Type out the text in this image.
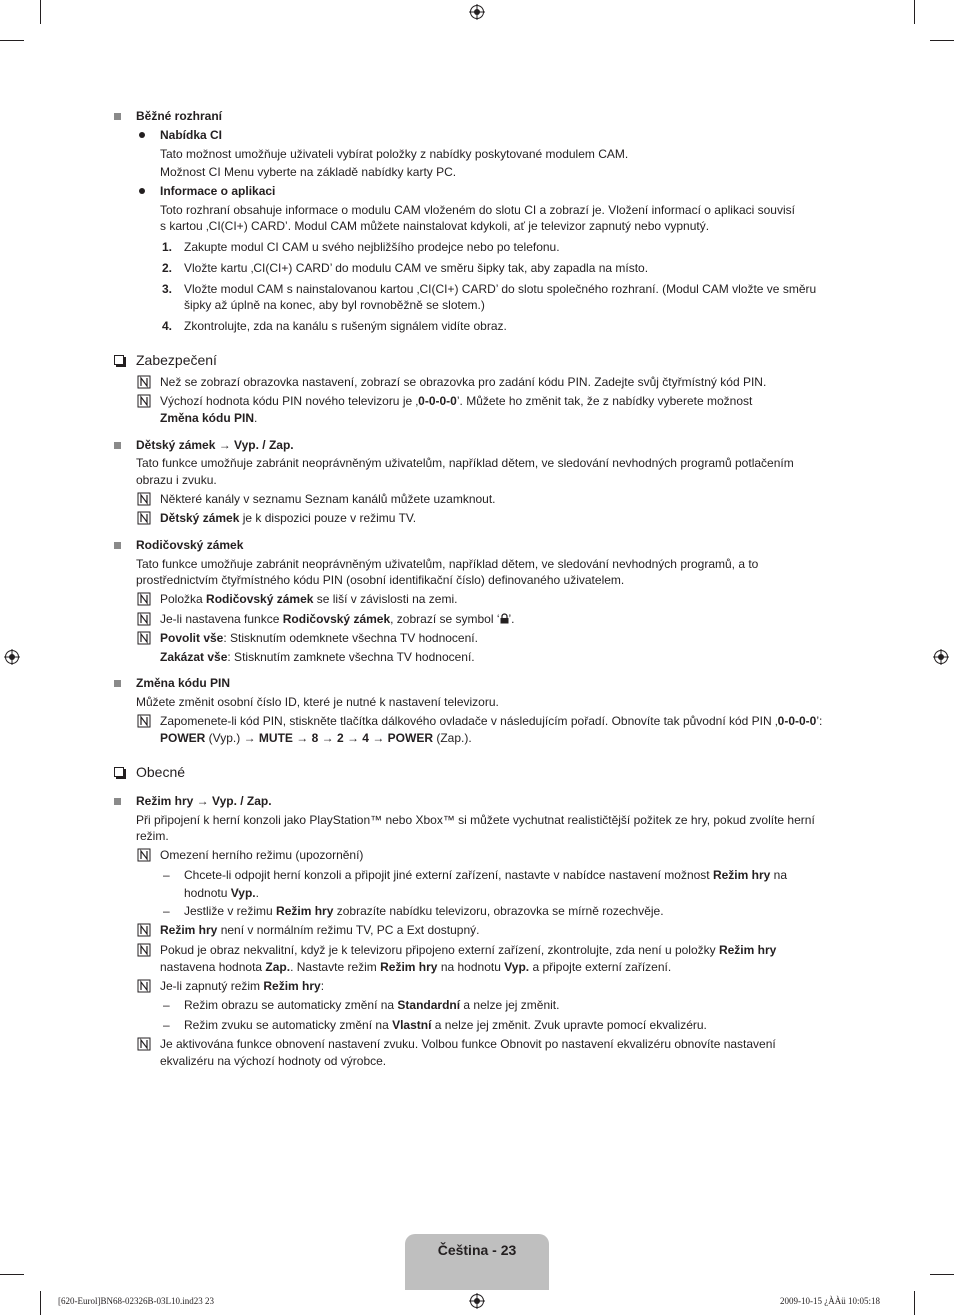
Běžné rozhraní
Nabídka CI
Tato možnost umožňuje uživateli vybírat položky z nabídky poskytované modulem CAM.
Možnost CI Menu vyberte na základě nabídky karty PC.
Informace o aplikaci
Toto rozhraní obsahuje informace o modulu CAM vloženém do slotu CI a zobrazí je. Vložení informací o aplikaci souvisí
s kartou ‚CI(CI+) CARD’. Modul CAM můžete nainstalovat kdykoli, ať je televizor zapnutý nebo vypnutý.
1. Zakupte modul CI CAM u svého nejbližšího prodejce nebo po telefonu.
2. Vložte kartu ‚CI(CI+) CARD’ do modulu CAM ve směru šipky tak, aby zapadla na místo.
3. Vložte modul CAM s nainstalovanou kartou ‚CI(CI+) CARD’ do slotu společného rozhraní. (Modul CAM vložte ve směru
šipky až úplně na konec, aby byl rovnoběžně se slotem.)
4. Zkontrolujte, zda na kanálu s rušeným signálem vidíte obraz.
Zabezpečení
Než se zobrazí obrazovka nastavení, zobrazí se obrazovka pro zadání kódu PIN. Zadejte svůj čtyřmístný kód PIN.
Výchozí hodnota kódu PIN nového televizoru je ‚0-0-0-0’. Můžete ho změnit tak, že z nabídky vyberete možnost
Změna kódu PIN.
Dětský zámek → Vyp. / Zap.
Tato funkce umožňuje zabránit neoprávněným uživatelům, například dětem, ve sledování nevhodných programů potlačením
obrazu i zvuku.
Některé kanály v seznamu Seznam kanálů můžete uzamknout.
Dětský zámek je k dispozici pouze v režimu TV.
Rodičovský zámek
Tato funkce umožňuje zabránit neoprávněným uživatelům, například dětem, ve sledování nevhodných programů, a to
prostřednictvím čtyřmístného kódu PIN (osobní identifikační číslo) definovaného uživatelem.
Položka Rodičovský zámek se liší v závislosti na zemi.
Je-li nastavena funkce Rodičovský zámek, zobrazí se symbol ‘ ’.
Povolit vše: Stisknutím odemknete všechna TV hodnocení.
Zakázat vše: Stisknutím zamknete všechna TV hodnocení.
Změna kódu PIN
Můžete změnit osobní číslo ID, které je nutné k nastavení televizoru.
Zapomenete-li kód PIN, stiskněte tlačítka dálkového ovladače v následujícím pořadí. Obnovíte tak původní kód PIN ‚0-0-0-0’:
POWER (Vyp.) → MUTE → 8 → 2 → 4 → POWER (Zap.).
Obecné
Režim hry → Vyp. / Zap.
Při připojení k herní konzoli jako PlayStation™ nebo Xbox™ si můžete vychutnat realističtější požitek ze hry, pokud zvolíte herní
režim.
Omezení herního režimu (upozornění)
– Chcete-li odpojit herní konzoli a připojit jiné externí zařízení, nastavte v nabídce nastavení možnost Režim hry na
hodnotu Vyp..
– Jestliže v režimu Režim hry zobrazíte nabídku televizoru, obrazovka se mírně rozechvěje.
Režim hry není v normálním režimu TV, PC a Ext dostupný.
Pokud je obraz nekvalitní, když je k televizoru připojeno externí zařízení, zkontrolujte, zda není u položky Režim hry
nastavena hodnota Zap.. Nastavte režim Režim hry na hodnotu Vyp. a připojte externí zařízení.
Je-li zapnutý režim Režim hry:
– Režim obrazu se automaticky změní na Standardní a nelze jej změnit.
– Režim zvuku se automaticky změní na Vlastní a nelze jej změnit. Zvuk upravte pomocí ekvalizéru.
Je aktivována funkce obnovení nastavení zvuku. Volbou funkce Obnovit po nastavení ekvalizéru obnovíte nastavení
ekvalizéru na výchozí hodnoty od výrobce.
Čeština - 23
[620-Eurol]BN68-02326B-03L10.ind23 23	2009-10-15 ¿ÀÀü 10:05:18
